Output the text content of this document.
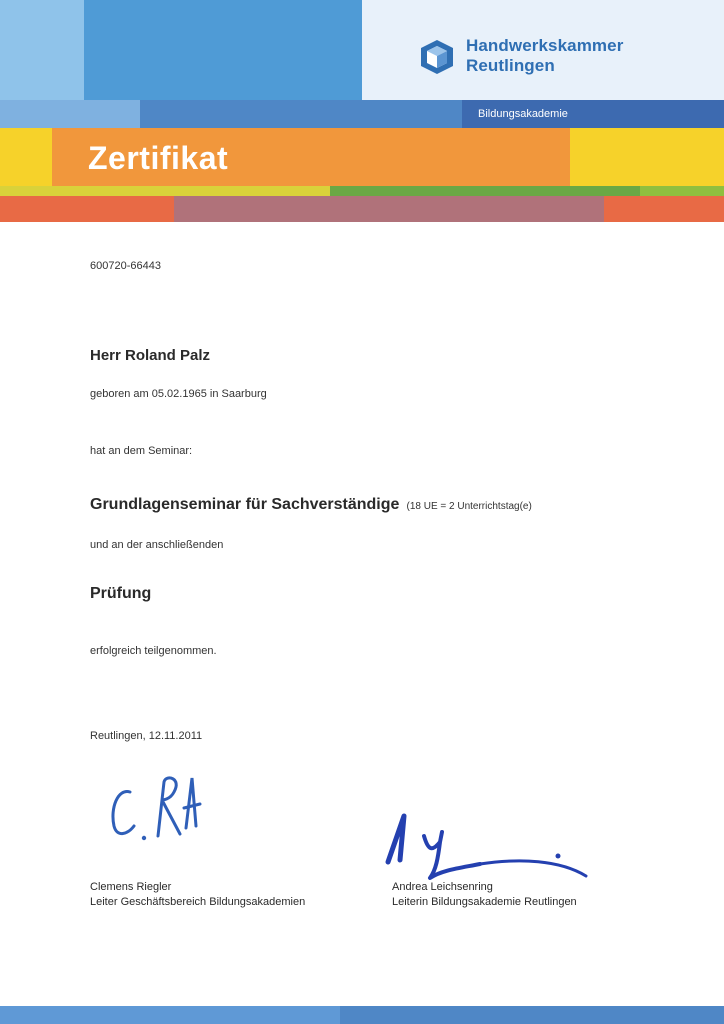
Handwerkskammer
Reutlingen
Bildungsakademie
Zertifikat
600720-66443
Herr Roland Palz
geboren am 05.02.1965 in Saarburg
hat an dem Seminar:
Grundlagenseminar für Sachverständige (18 UE = 2 Unterrichtstag(e)
und an der anschließenden
Prüfung
erfolgreich teilgenommen.
Reutlingen, 12.11.2011
Clemens Riegler
Leiter Geschäftsbereich Bildungsakademien
Andrea Leichsenring
Leiterin Bildungsakademie Reutlingen
